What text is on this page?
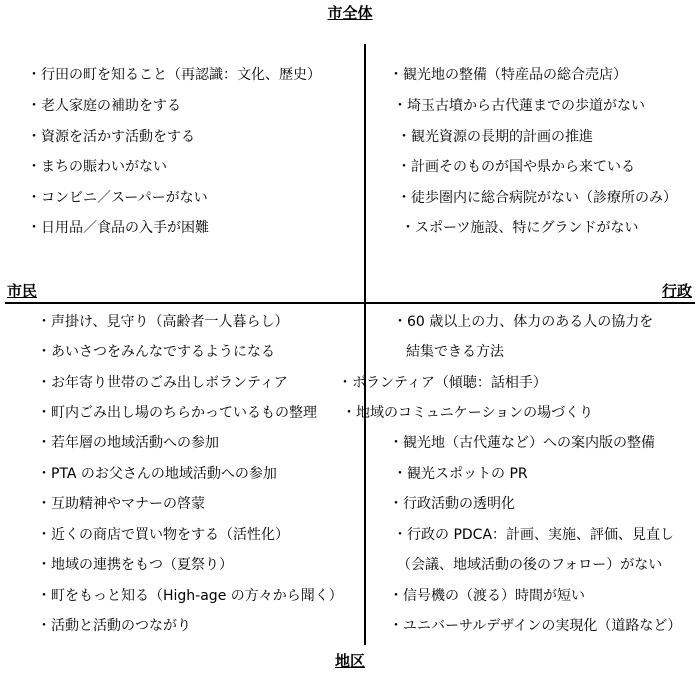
市全体
地区
市民	行政
・行田の町を知ること（再認識：文化、歴史）
・老人家庭の補助をする
・資源を活かす活動をする
・まちの賑わいがない
・コンビニ／スーパーがない
・日用品／食品の入手が困難
・観光地の整備（特産品の総合売店）
・埼玉古墳から古代蓮までの歩道がない
・観光資源の長期的計画の推進
・計画そのものが国や県から来ている
・徒歩圏内に総合病院がない（診療所のみ）
・スポーツ施設、特にグランドがない
・声掛け、見守り（高齢者一人暮らし）
・あいさつをみんなでするようになる
・お年寄り世帯のごみ出しボランティア
・町内ごみ出し場のちらかっているもの整理
・若年層の地域活動への参加
・PTA のお父さんの地域活動への参加
・互助精神やマナーの啓蒙
・近くの商店で買い物をする（活性化）
・地域の連携をもつ（夏祭り）
・町をもっと知る（High-age の方々から聞く）
・活動と活動のつながり
・60 歳以上の力、体力のある人の協力を
結集できる方法
・ボランティア（傾聴：話相手）
・地域のコミュニケーションの場づくり
・観光地（古代蓮など）への案内版の整備
・観光スポットの PR
・行政活動の透明化
・行政の PDCA：計画、実施、評価、見直し
（会議、地域活動の後のフォロー）がない
・信号機の（渡る）時間が短い
・ユニバーサルデザインの実現化（道路など）
